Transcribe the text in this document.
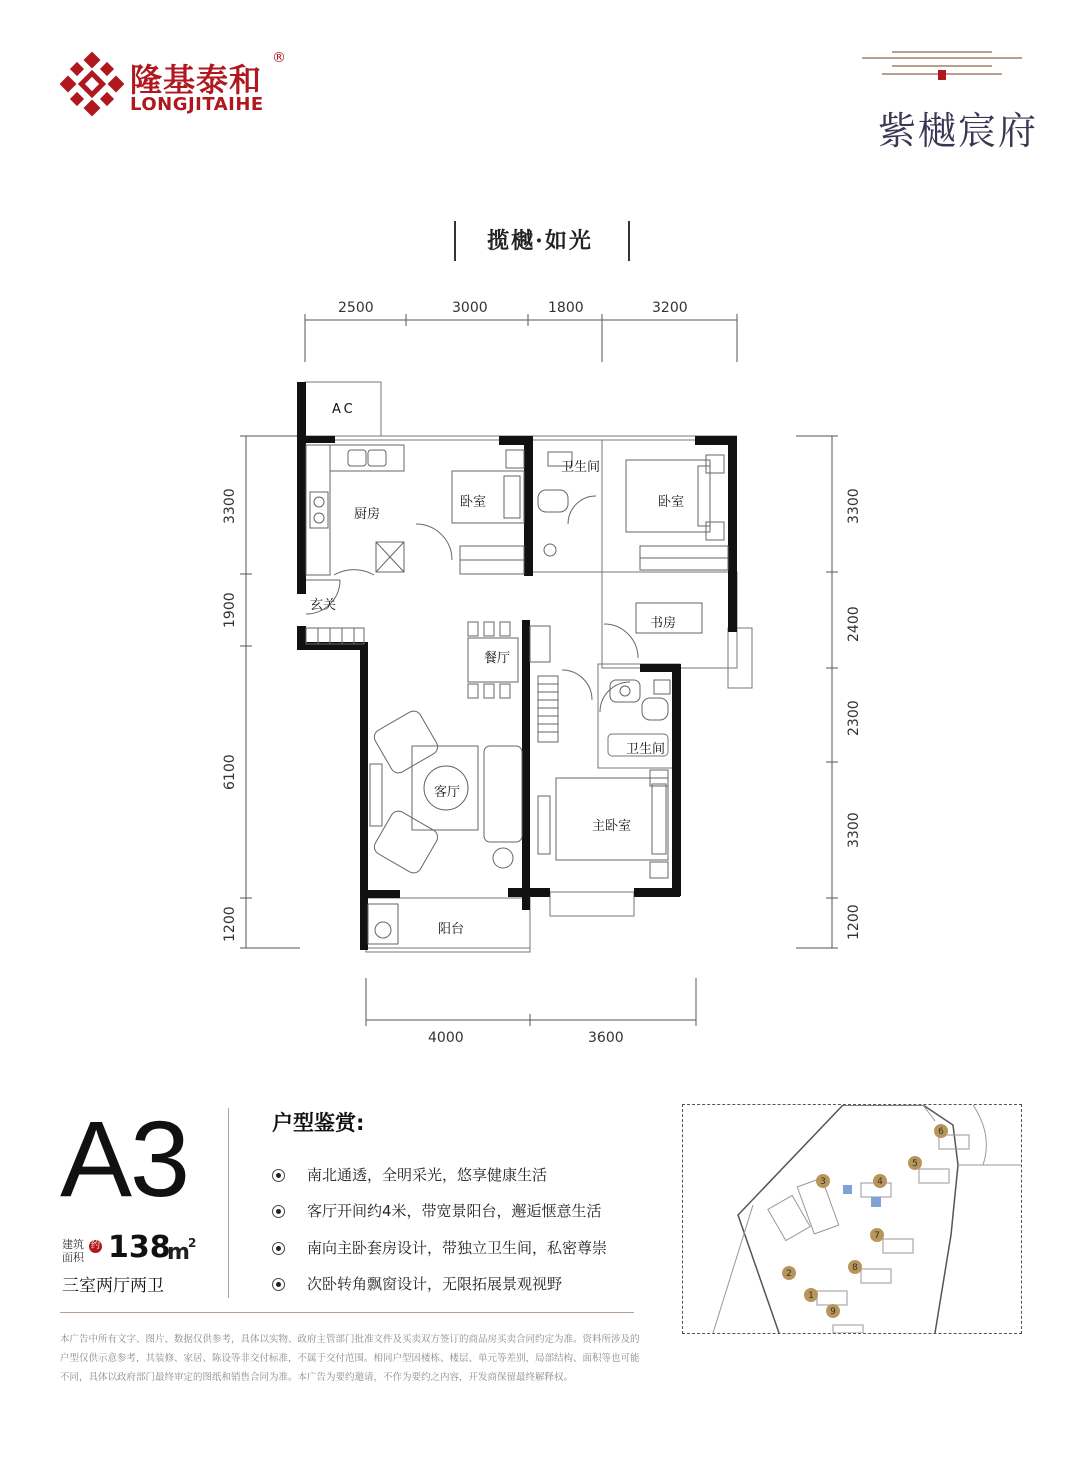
隆基泰和
®
LONGJITAIHE
紫樾宸府
揽樾·如光
2500	3000	1800	3200
3300
1900
6100
1200
3300
2400
2300
3300
1200
4000	3600
AC
厨房
卧室
卫生间
卧室
玄关
书房
餐厅
卫生间
客厅
主卧室
阳台
A3
建筑
面积
约 138
m
2
三室两厅两卫
户型鉴赏:
南北通透，全明采光，悠享健康生活
客厅开间约4米，带宽景阳台，邂逅惬意生活
南向主卧套房设计，带独立卫生间，私密尊崇
次卧转角飘窗设计，无限拓展景观视野
本广告中所有文字、图片、数据仅供参考，具体以实物、政府主管部门批准文件及买卖双方签订的商品房买卖合同约定为准。资料所涉及的户型仅供示意参考，其装修、家居、陈设等非交付标准，不属于交付范围。相同户型因楼栋、楼层、单元等差别，局部结构、面积等也可能不同，具体以政府部门最终审定的图纸和销售合同为准。本广告为要约邀请，不作为要约之内容，开发商保留最终解释权。
1
2
3	4
5
6
7
8
9
